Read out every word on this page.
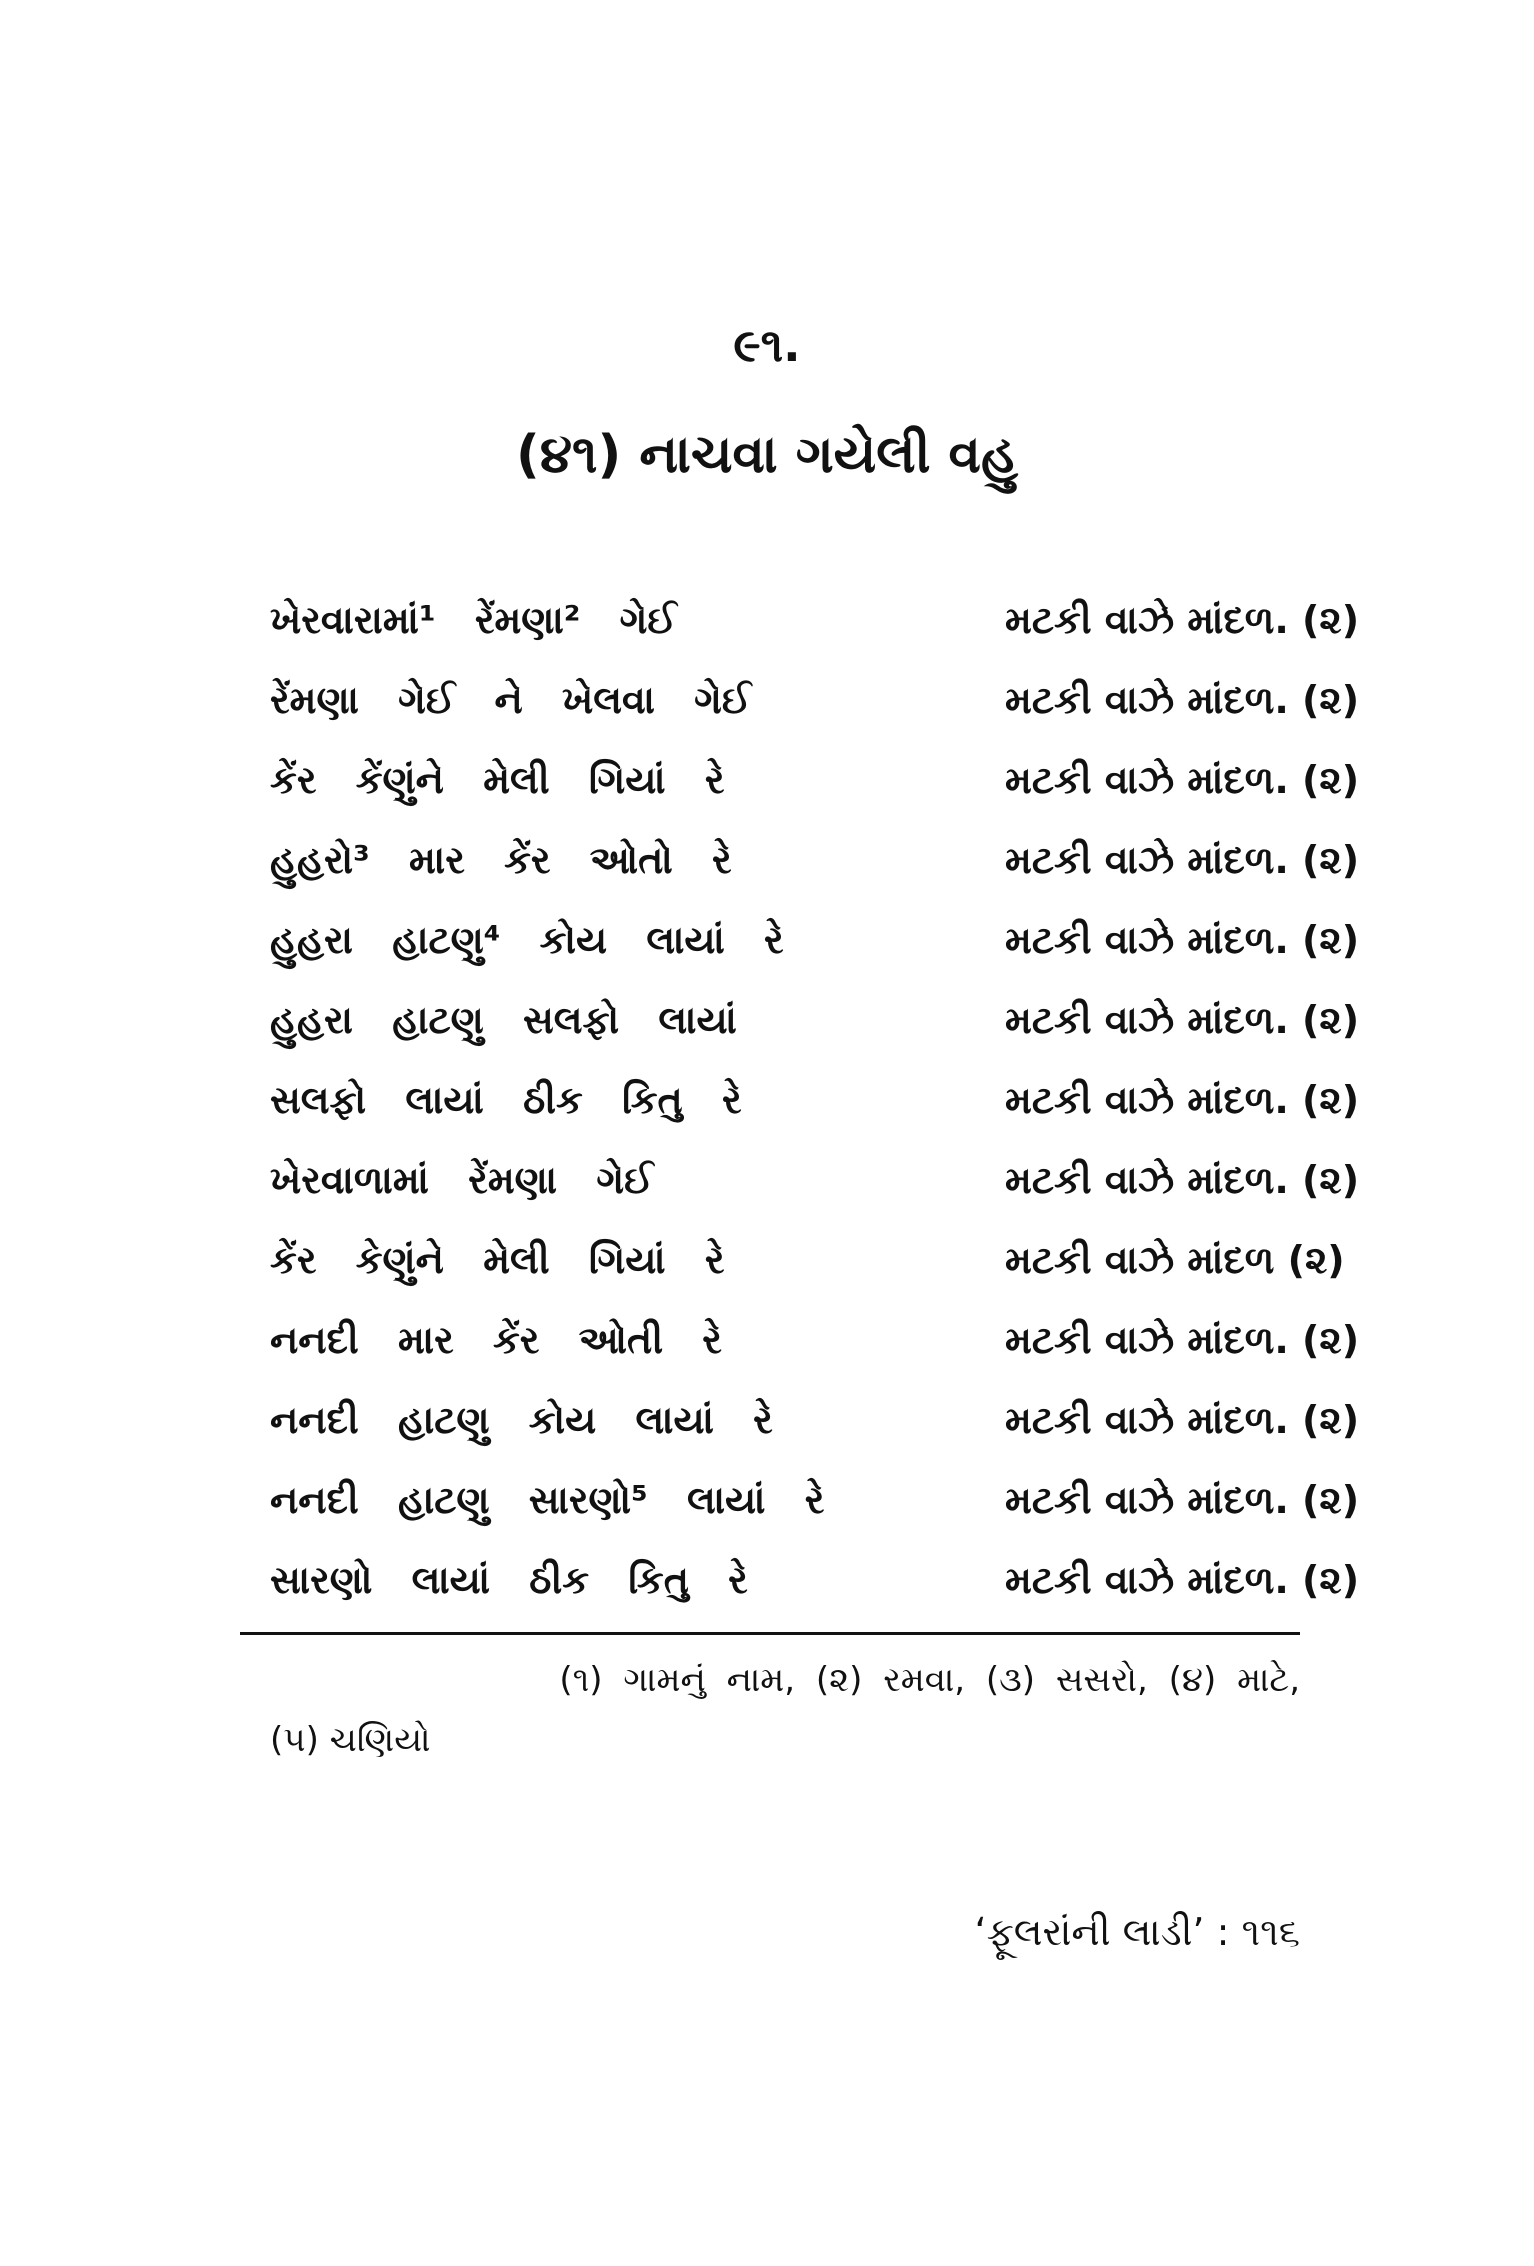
૯૧.
(૪૧) નાચવા ગયેલી વહુ
ખેરવારામાં¹ રેંમણા² ગેઈ	મટકી વાઝે માંદળ. (૨)
રેંમણા ગેઈ ને ખેલવા ગેઈ	મટકી વાઝે માંદળ. (૨)
કેંર કેંણુંને મેલી ગિયાં રે	મટકી વાઝે માંદળ. (૨)
હુહરો³ માર કેંર ઓતો રે	મટકી વાઝે માંદળ. (૨)
હુહરા હાટણુ⁴ કોય લાયાં રે	મટકી વાઝે માંદળ. (૨)
હુહરા હાટણુ સલફો લાયાં	મટકી વાઝે માંદળ. (૨)
સલફો લાયાં ઠીક કિતુ રે	મટકી વાઝે માંદળ. (૨)
ખેરવાળામાં રેંમણા ગેઈ	મટકી વાઝે માંદળ. (૨)
કેંર કેણુંને મેલી ગિયાં રે	મટકી વાઝે માંદળ (૨)
નનદી માર કેંર ઓતી રે	મટકી વાઝે માંદળ. (૨)
નનદી હાટણુ કોય લાયાં રે	મટકી વાઝે માંદળ. (૨)
નનદી હાટણુ સારણો⁵ લાયાં રે	મટકી વાઝે માંદળ. (૨)
સારણો લાયાં ઠીક કિતુ રે	મટકી વાઝે માંદળ. (૨)
(૧) ગામનું નામ, (૨) રમવા, (૩) સસરો, (૪) માટે,
(૫) ચણિયો
‘ફૂલરાંની લાડી’ : ૧૧૬
